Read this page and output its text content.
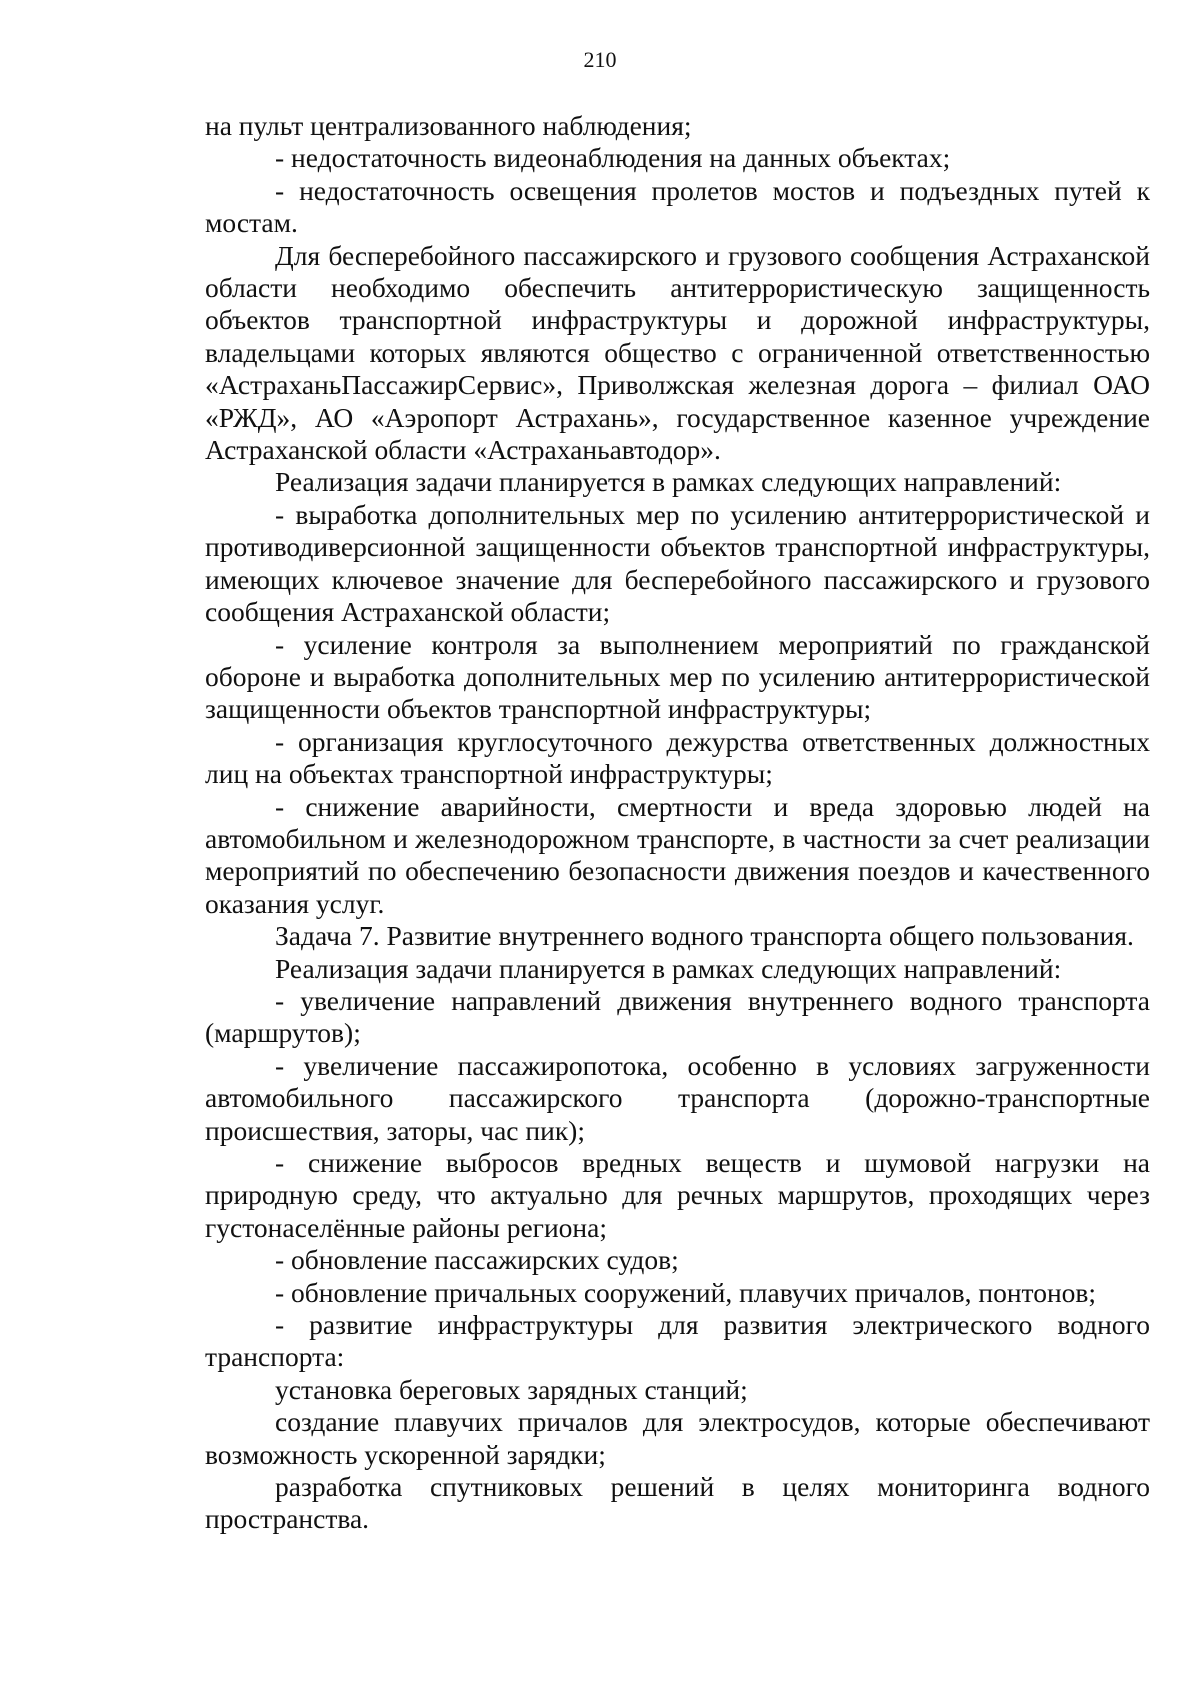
210

на пульт централизованного наблюдения;

- недостаточность видеонаблюдения на данных объектах;

- недостаточность освещения пролетов мостов и подъездных путей к мостам.

Для бесперебойного пассажирского и грузового сообщения Астраханской области необходимо обеспечить антитеррористическую защищенность объектов транспортной инфраструктуры и дорожной инфраструктуры, владельцами которых являются общество с ограниченной ответственностью «АстраханьПассажирСервис», Приволжская железная дорога – филиал ОАО «РЖД», АО «Аэропорт Астрахань», государственное казенное учреждение Астраханской области «Астраханьавтодор».

Реализация задачи планируется в рамках следующих направлений:

- выработка дополнительных мер по усилению антитеррористической и противодиверсионной защищенности объектов транспортной инфраструктуры, имеющих ключевое значение для бесперебойного пассажирского и грузового сообщения Астраханской области;

- усиление контроля за выполнением мероприятий по гражданской обороне и выработка дополнительных мер по усилению антитеррористической защищенности объектов транспортной инфраструктуры;

- организация круглосуточного дежурства ответственных должностных лиц на объектах транспортной инфраструктуры;

- снижение аварийности, смертности и вреда здоровью людей на автомобильном и железнодорожном транспорте, в частности за счет реализации мероприятий по обеспечению безопасности движения поездов и качественного оказания услуг.

Задача 7. Развитие внутреннего водного транспорта общего пользования.

Реализация задачи планируется в рамках следующих направлений:

- увеличение направлений движения внутреннего водного транспорта (маршрутов);

- увеличение пассажиропотока, особенно в условиях загруженности автомобильного пассажирского транспорта (дорожно-транспортные происшествия, заторы, час пик);

- снижение выбросов вредных веществ и шумовой нагрузки на природную среду, что актуально для речных маршрутов, проходящих через густонаселённые районы региона;

- обновление пассажирских судов;

- обновление причальных сооружений, плавучих причалов, понтонов;

- развитие инфраструктуры для развития электрического водного транспорта:

установка береговых зарядных станций;

создание плавучих причалов для электросудов, которые обеспечивают возможность ускоренной зарядки;

разработка спутниковых решений в целях мониторинга водного пространства.
